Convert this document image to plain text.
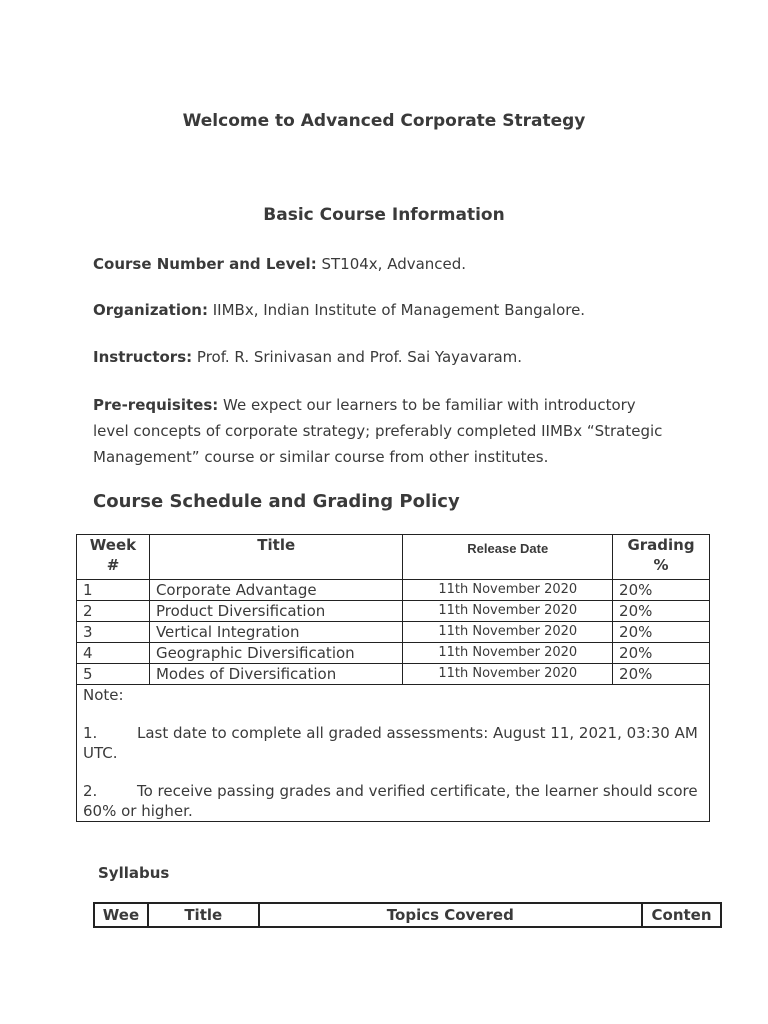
Welcome to Advanced Corporate Strategy
Basic Course Information
Course Number and Level: ST104x, Advanced.
Organization: IIMBx, Indian Institute of Management Bangalore.
Instructors: Prof. R. Srinivasan and Prof. Sai Yayavaram.
Pre-requisites: We expect our learners to be familiar with introductory level concepts of corporate strategy; preferably completed IIMBx “Strategic Management” course or similar course from other institutes.
Course Schedule and Grading Policy
Week #	Title	Release Date	Grading %
1	Corporate Advantage	11th November 2020	20%
2	Product Diversification	11th November 2020	20%
3	Vertical Integration	11th November 2020	20%
4	Geographic Diversification	11th November 2020	20%
5	Modes of Diversification	11th November 2020	20%

Note:

1. Last date to complete all graded assessments: August 11, 2021, 03:30 AM UTC.

2. To receive passing grades and verified certificate, the learner should score 60% or higher.			

Syllabus
Wee	Title	Topics Covered	Conten
